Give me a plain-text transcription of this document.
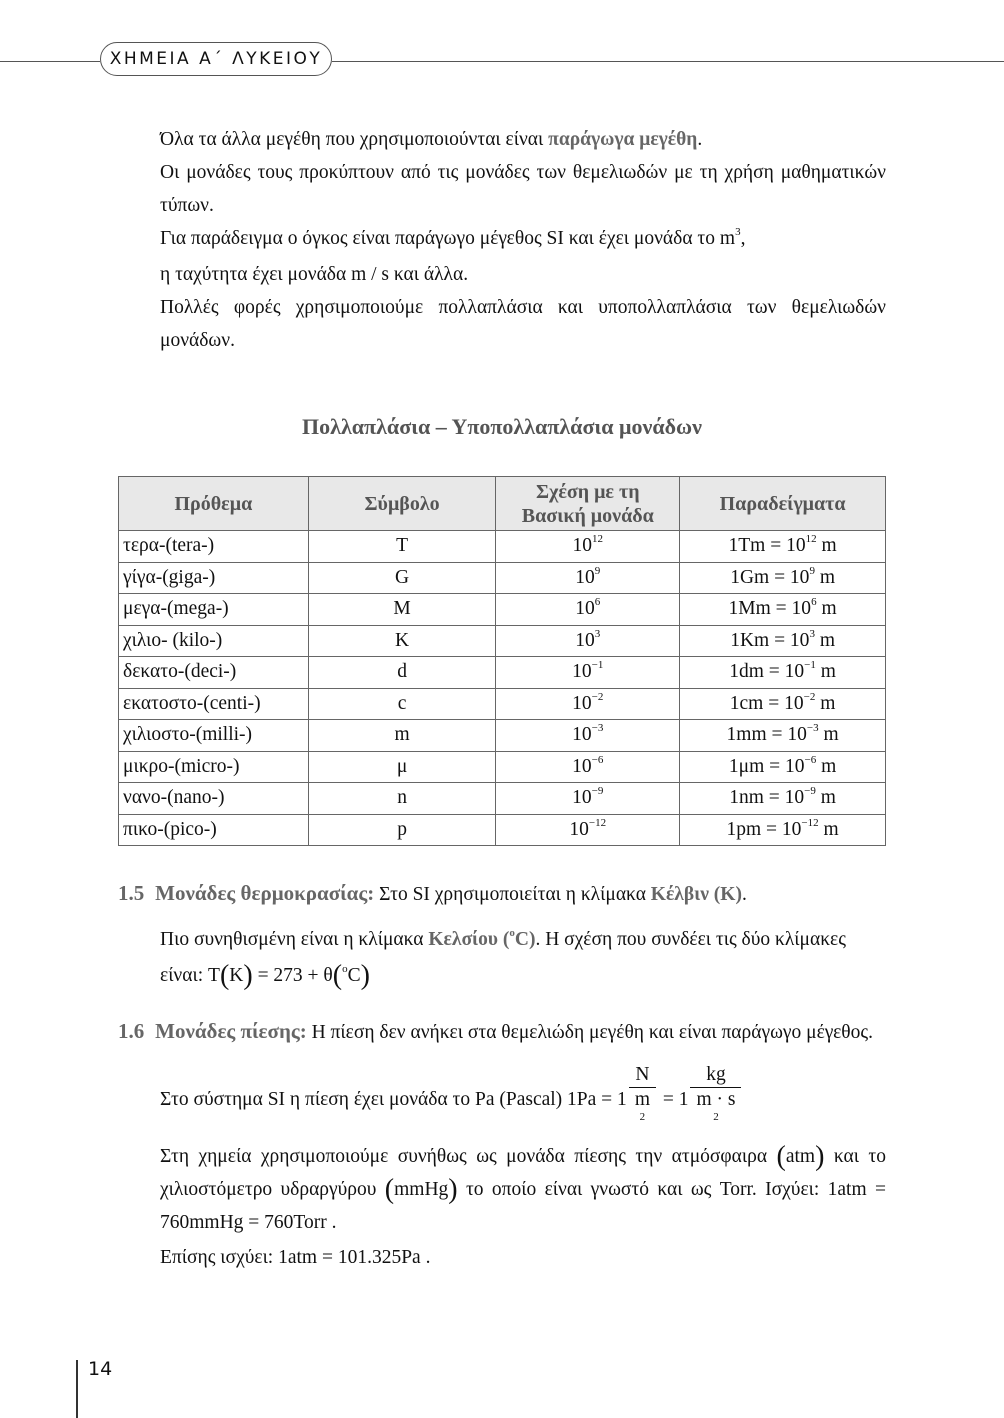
ΧΗΜΕΙΑ Α΄ ΛΥΚΕΙΟΥ

Όλα τα άλλα μεγέθη που χρησιμοποιούνται είναι παράγωγα μεγέθη.

Οι μονάδες τους προκύπτουν από τις μονάδες των θεμελιωδών με τη χρήση μαθηματικών τύπων.

Για παράδειγμα ο όγκος είναι παράγωγο μέγεθος SI και έχει μονάδα το $m^3$,

η ταχύτητα έχει μονάδα m / s και άλλα.

Πολλές φορές χρησιμοποιούμε πολλαπλάσια και υποπολλαπλάσια των θεμελιωδών μονάδων.

Πολλαπλάσια – Υποπολλαπλάσια μονάδων
Πρόθεμα	Σύμβολο	Σχέση με τη Βασική μονάδα	Παραδείγματα
τερα-(tera-)	T	$10^{12}$	$1Tm = 10^{12}$ m
γίγα-(giga-)	G	$10^9$	$1Gm = 10^9$ m
μεγα-(mega-)	M	$10^6$	$1Mm = 10^6$ m
χιλιο- (kilo-)	K	$10^3$	$1Km = 10^3$ m
δεκατο-(deci-)	d	$10^{-1}$	$1dm = 10^{-1}$ m
εκατοστο-(centi-)	c	$10^{-2}$	$1cm = 10^{-2}$ m
χιλιοστο-(milli-)	m	$10^{-3}$	$1mm = 10^{-3}$ m
μικρο-(micro-)	μ	$10^{-6}$	$1\mu m = 10^{-6}$ m
νανο-(nano-)	n	$10^{-9}$	$1nm = 10^{-9}$ m
πικο-(pico-)	p	$10^{-12}$	$1pm = 10^{-12}$ m
1.5 Μονάδες θερμοκρασίας: Στο SI χρησιμοποιείται η κλίμακα Κέλβιν (K).
Πιο συνηθισμένη είναι η κλίμακα Κελσίου ($^o$C). Η σχέση που συνδέει τις δύο κλίμακες είναι: T(K) = 273 + θ($^o$C)
1.6 Μονάδες πίεσης: Η πίεση δεν ανήκει στα θεμελιώδη μεγέθη και είναι παράγωγο μέγεθος.
Στο σύστημα SI η πίεση έχει μονάδα το Pa (Pascal) 1Pa = 1 N
m
$^2$ = 1 kg
m · s
$^2$
Στη χημεία χρησιμοποιούμε συνήθως ως μονάδα πίεσης την ατμόσφαιρα (atm) και το χιλιοστόμετρο υδραργύρου (mmHg) το οποίο είναι γνωστό και ως Torr. Ισχύει: 1atm = 760mmHg = 760Torr .
Επίσης ισχύει: 1atm = 101.325Pa .
14
